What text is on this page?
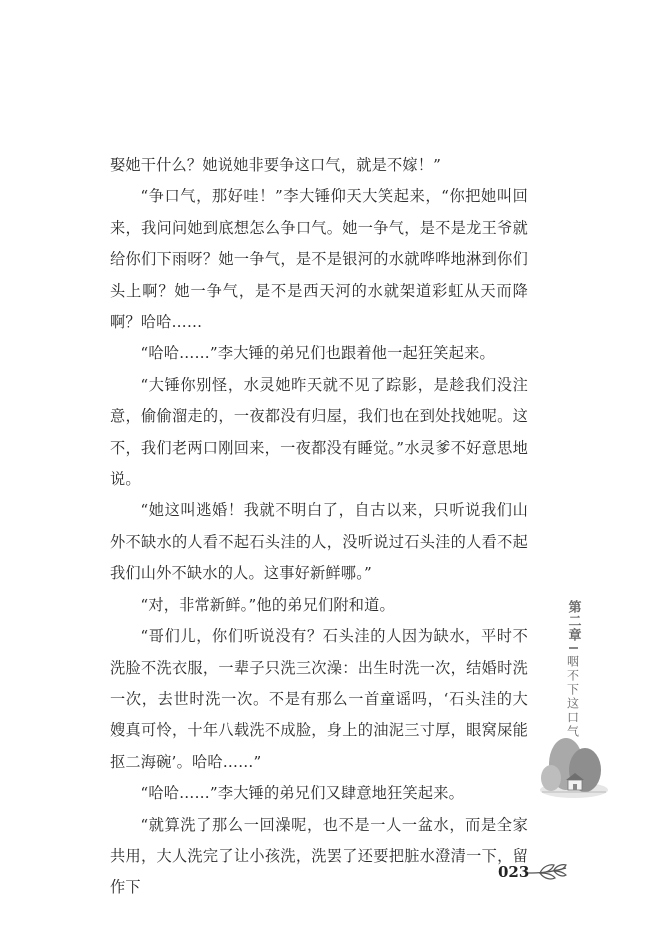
娶她干什么？她说她非要争这口气，就是不嫁！”

“争口气，那好哇！”李大锤仰天大笑起来，“你把她叫回来，我问问她到底想怎么争口气。她一争气，是不是龙王爷就给你们下雨呀？她一争气，是不是银河的水就哗哗地淋到你们头上啊？她一争气，是不是西天河的水就架道彩虹从天而降啊？哈哈……

“哈哈……”李大锤的弟兄们也跟着他一起狂笑起来。

“大锤你别怪，水灵她昨天就不见了踪影，是趁我们没注意，偷偷溜走的，一夜都没有归屋，我们也在到处找她呢。这不，我们老两口刚回来，一夜都没有睡觉。”水灵爹不好意思地说。

“她这叫逃婚！我就不明白了，自古以来，只听说我们山外不缺水的人看不起石头洼的人，没听说过石头洼的人看不起我们山外不缺水的人。这事好新鲜哪。”

“对，非常新鲜。”他的弟兄们附和道。

“哥们儿，你们听说没有？石头洼的人因为缺水，平时不洗脸不洗衣服，一辈子只洗三次澡：出生时洗一次，结婚时洗一次，去世时洗一次。不是有那么一首童谣吗，‘石头洼的大嫂真可怜，十年八载洗不成脸，身上的油泥三寸厚，眼窝屎能抠二海碗’。哈哈……”

“哈哈……”李大锤的弟兄们又肆意地狂笑起来。

“就算洗了那么一回澡呢，也不是一人一盆水，而是全家共用，大人洗完了让小孩洗，洗罢了还要把脏水澄清一下，留作下

第二章
咽不下这口气
023
